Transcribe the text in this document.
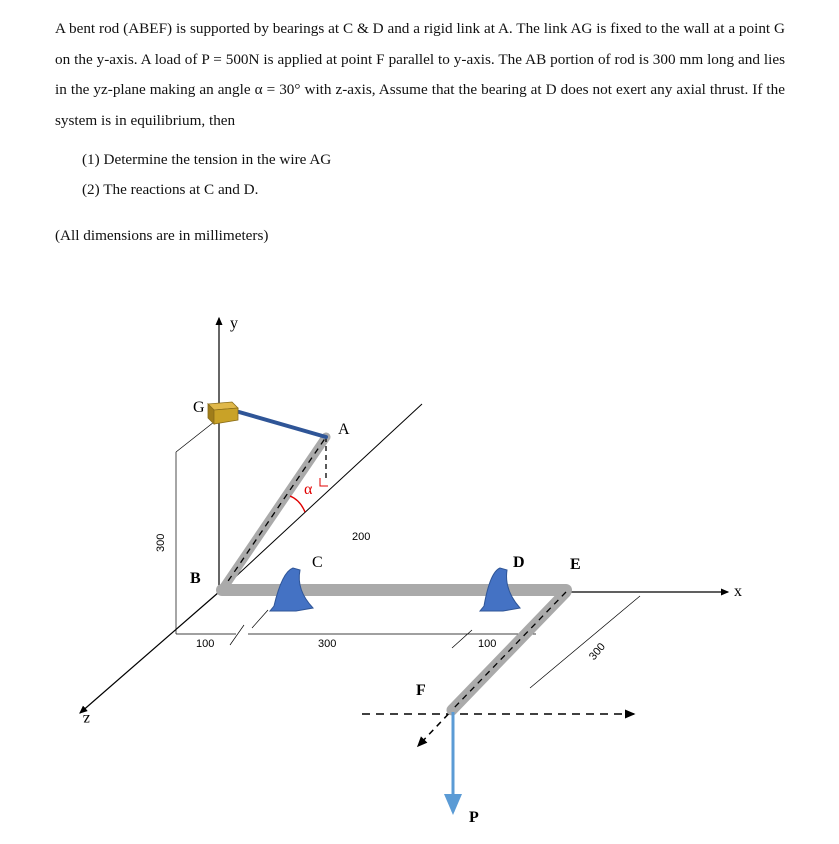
A bent rod (ABEF) is supported by bearings at C & D and a rigid link at A. The link AG is fixed to the wall at a point G on the y-axis. A load of P = 500N is applied at point F parallel to y-axis. The AB portion of rod is 300 mm long and lies in the yz-plane making an angle α = 30° with z-axis, Assume that the bearing at D does not exert any axial thrust. If the system is in equilibrium, then
(1) Determine the tension in the wire AG
(2) The reactions at C and D.
(All dimensions are in millimeters)
y
x
z
G
A
B
C	D	E
F
P
α
300
100	300	100	300
200
